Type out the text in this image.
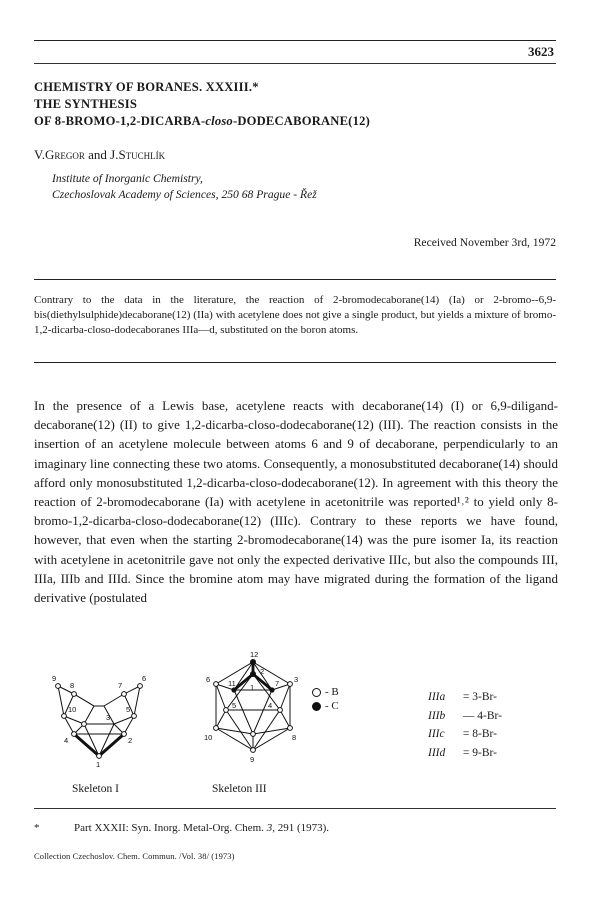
3623
CHEMISTRY OF BORANES. XXXIII.*
THE SYNTHESIS
OF 8-BROMO-1,2-DICARBA-closo-DODECABORANE(12)
V.Gregor and J.Stuchlík
Institute of Inorganic Chemistry,
Czechoslovak Academy of Sciences, 250 68 Prague - Řež
Received November 3rd, 1972
Contrary to the data in the literature, the reaction of 2-bromodecaborane(14) (Ia) or 2-bromo--6,9-bis(diethylsulphide)decaborane(12) (IIa) with acetylene does not give a single product, but yields a mixture of bromo-1,2-dicarba-closo-dodecaboranes IIIa—d, substituted on the boron atoms.

In the presence of a Lewis base, acetylene reacts with decaborane(14) (I) or 6,9-diligand-decaborane(12) (II) to give 1,2-dicarba-closo-dodecaborane(12) (III). The reaction consists in the insertion of an acetylene molecule between atoms 6 and 9 of decaborane, perpendicularly to an imaginary line connecting these two atoms. Consequently, a monosubstituted decaborane(14) should afford only monosubstituted 1,2-dicarba-closo-dodecaborane(12). In agreement with this theory the reaction of 2-bromodecaborane (Ia) with acetylene in acetonitrile was reported¹˒² to yield only 8-bromo-1,2-dicarba-closo-dodecaborane(12) (IIIc). Contrary to these reports we have found, however, that even when the starting 2-bromodecaborane(14) was the pure isomer Ia, its reaction with acetylene in acetonitrile gave not only the expected derivative IIIc, but also the compounds III, IIIa, IIIb and IIId. Since the bromine atom may have migrated during the formation of the ligand derivative (postulated

9
8	7
6
10	5
4
3
2
1
12
6	3
11	7
4
5
1
2
10	8
9
Skeleton I	Skeleton III
- B
- C
IIIa = 3-Br-
IIIb — 4-Br-
IIIc = 8-Br-
IIId = 9-Br-
*	Part XXXII: Syn. Inorg. Metal-Org. Chem. 3, 291 (1973).
Collection Czechoslov. Chem. Commun. /Vol. 38/ (1973)
